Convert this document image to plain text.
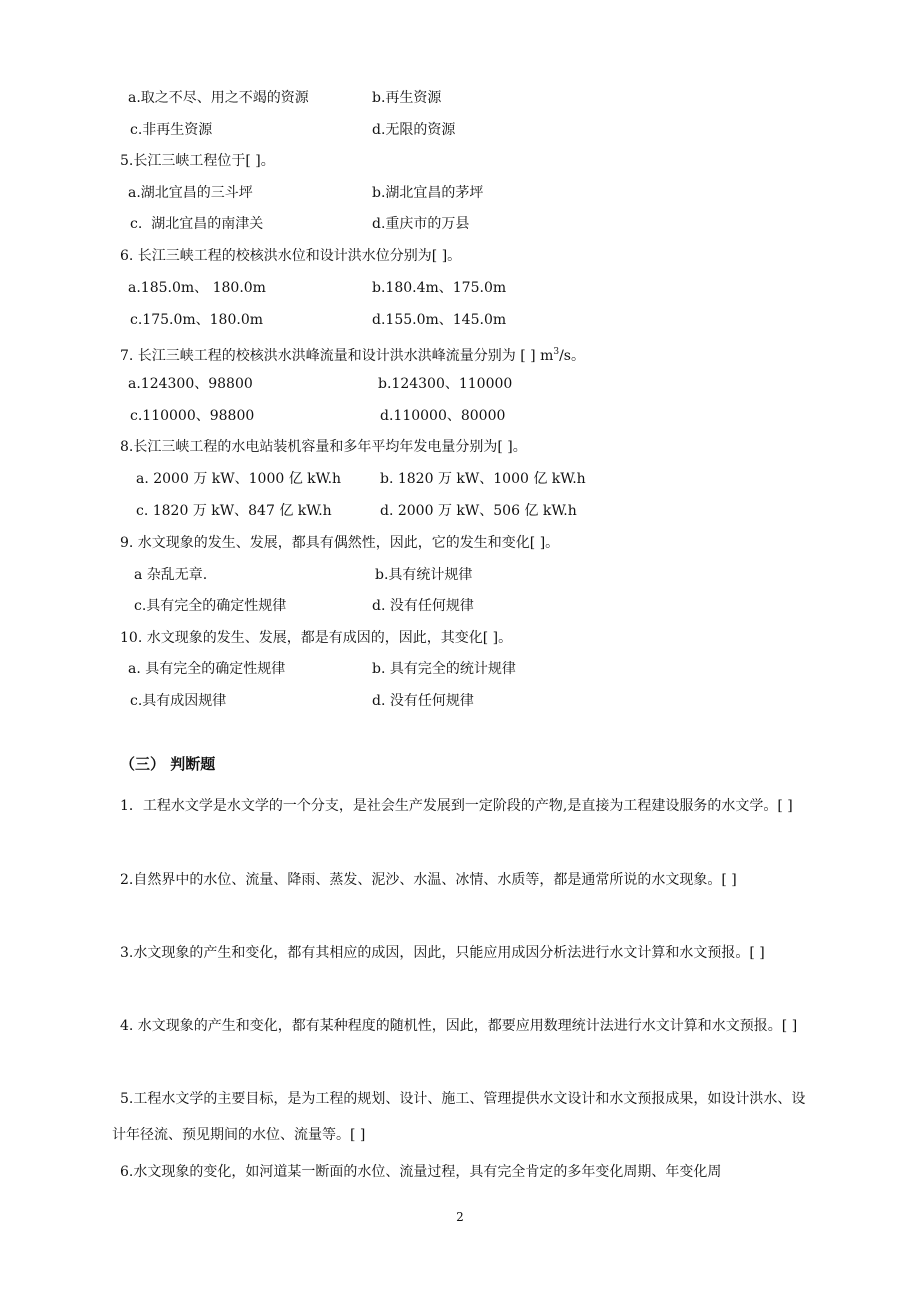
a.取之不尽、用之不竭的资源	b.再生资源
c.非再生资源	d.无限的资源
5.长江三峡工程位于[ ]。
a.湖北宜昌的三斗坪	b.湖北宜昌的茅坪
c.  湖北宜昌的南津关	d.重庆市的万县
6. 长江三峡工程的校核洪水位和设计洪水位分别为[ ]。
a.185.0m、 180.0m	b.180.4m、175.0m
c.175.0m、180.0m	d.155.0m、145.0m
7. 长江三峡工程的校核洪水洪峰流量和设计洪水洪峰流量分别为 [ ] $m^3/s$。
a.124300、98800	b.124300、110000
c.110000、98800	d.110000、80000
8.长江三峡工程的水电站装机容量和多年平均年发电量分别为[ ]。
a. 2000 万 kW、1000 亿 kW.h	b. 1820 万 kW、1000 亿 kW.h
c. 1820 万 kW、847 亿 kW.h	d. 2000 万 kW、506 亿 kW.h
9. 水文现象的发生、发展，都具有偶然性，因此，它的发生和变化[ ]。
a 杂乱无章.	b.具有统计规律
c.具有完全的确定性规律	d. 没有任何规律
10. 水文现象的发生、发展，都是有成因的，因此，其变化[ ]。
a. 具有完全的确定性规律	b. 具有完全的统计规律
c.具有成因规律	d. 没有任何规律
（三） 判断题
1．工程水文学是水文学的一个分支，是社会生产发展到一定阶段的产物,是直接为工程建设服务的水文学。[ ]
2.自然界中的水位、流量、降雨、蒸发、泥沙、水温、冰情、水质等，都是通常所说的水文现象。[ ]
3.水文现象的产生和变化，都有其相应的成因，因此，只能应用成因分析法进行水文计算和水文预报。[ ]
4. 水文现象的产生和变化，都有某种程度的随机性，因此，都要应用数理统计法进行水文计算和水文预报。[ ]
5.工程水文学的主要目标，是为工程的规划、设计、施工、管理提供水文设计和水文预报成果，如设计洪水、设计年径流、预见期间的水位、流量等。[ ]
6.水文现象的变化，如河道某一断面的水位、流量过程，具有完全肯定的多年变化周期、年变化周
2
